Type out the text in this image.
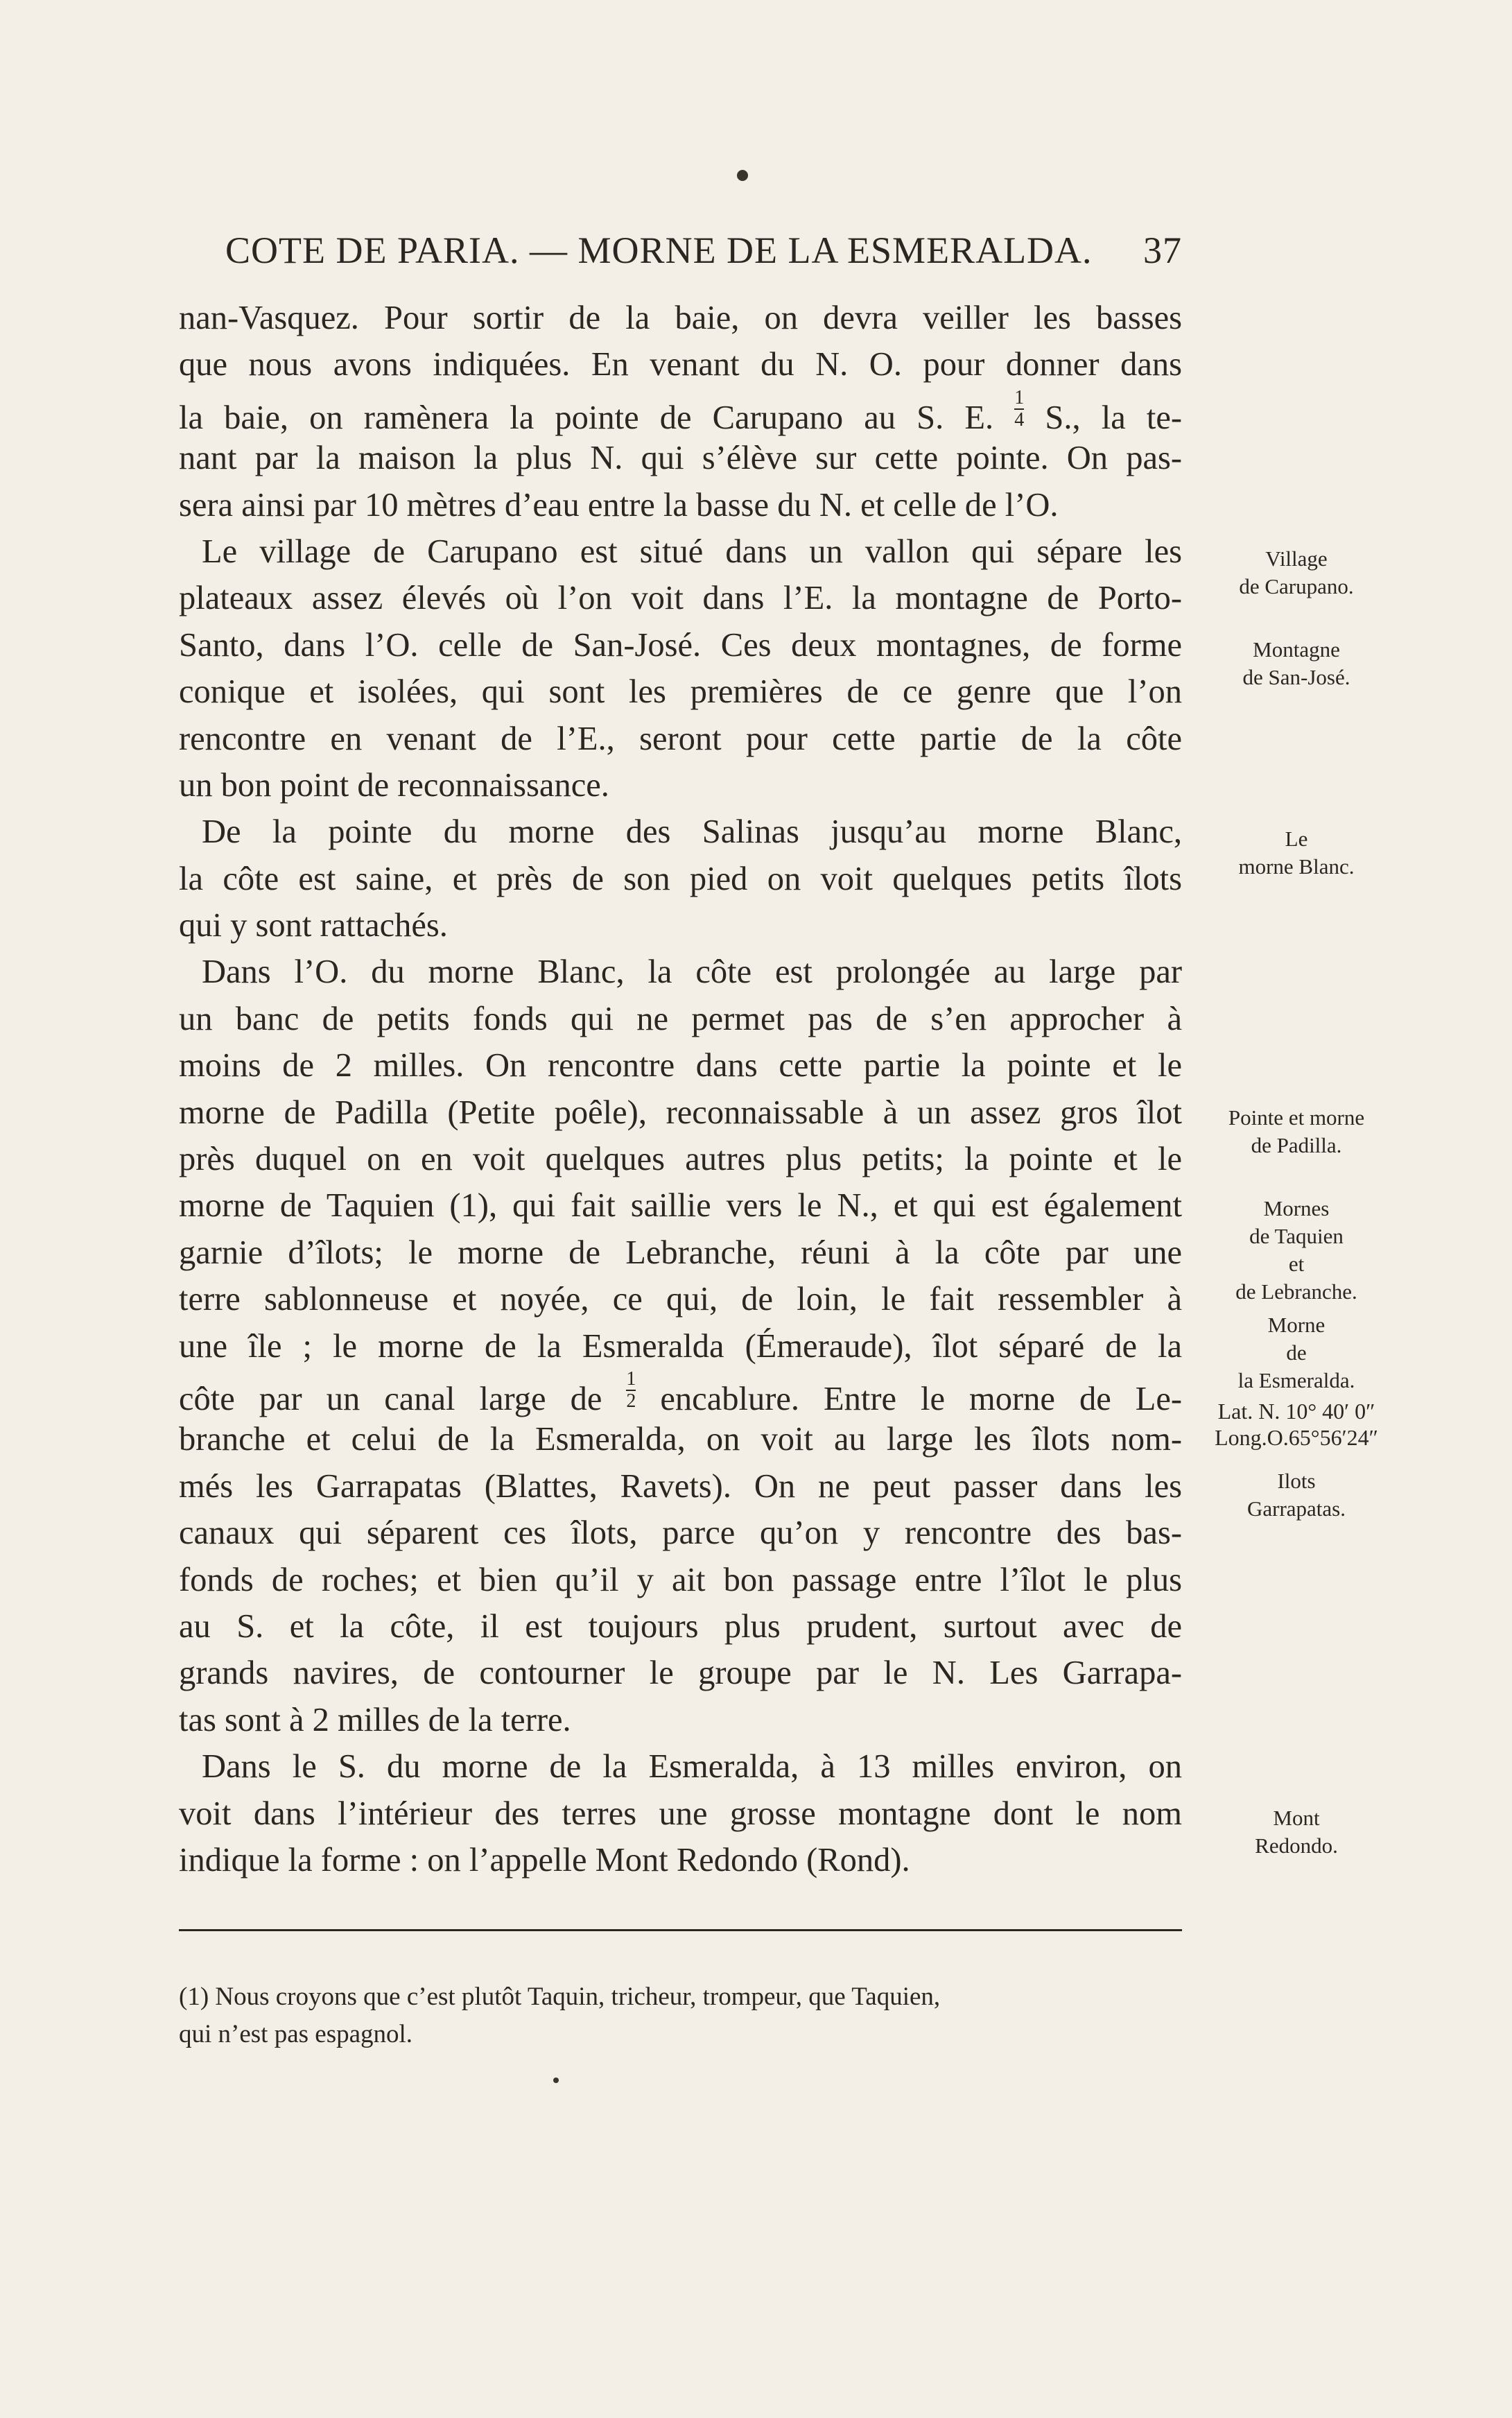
COTE DE PARIA. — MORNE DE LA ESMERALDA. 37
nan-Vasquez. Pour sortir de la baie, on devra veiller les basses
que nous avons indiquées. En venant du N. O. pour donner dans
la baie, on ramènera la pointe de Carupano au S. E. $\frac{1}{4} S$., la te-
nant par la maison la plus N. qui s’élève sur cette pointe. On pas-
sera ainsi par 10 mètres d’eau entre la basse du N. et celle de l’O.
Le village de Carupano est situé dans un vallon qui sépare les
plateaux assez élevés où l’on voit dans l’E. la montagne de Porto-
Santo, dans l’O. celle de San-José. Ces deux montagnes, de forme
conique et isolées, qui sont les premières de ce genre que l’on
rencontre en venant de l’E., seront pour cette partie de la côte
un bon point de reconnaissance.
De la pointe du morne des Salinas jusqu’au morne Blanc,
la côte est saine, et près de son pied on voit quelques petits îlots
qui y sont rattachés.
Dans l’O. du morne Blanc, la côte est prolongée au large par
un banc de petits fonds qui ne permet pas de s’en approcher à
moins de 2 milles. On rencontre dans cette partie la pointe et le
morne de Padilla (Petite poêle), reconnaissable à un assez gros îlot
près duquel on en voit quelques autres plus petits; la pointe et le
morne de Taquien (1), qui fait saillie vers le N., et qui est également
garnie d’îlots; le morne de Lebranche, réuni à la côte par une
terre sablonneuse et noyée, ce qui, de loin, le fait ressembler à
une île ; le morne de la Esmeralda (Émeraude), îlot séparé de la
côte par un canal large de $\frac{1}{2}$ encablure. Entre le morne de Le-
branche et celui de la Esmeralda, on voit au large les îlots nom-
més les Garrapatas (Blattes, Ravets). On ne peut passer dans les
canaux qui séparent ces îlots, parce qu’on y rencontre des bas-
fonds de roches; et bien qu’il y ait bon passage entre l’îlot le plus
au S. et la côte, il est toujours plus prudent, surtout avec de
grands navires, de contourner le groupe par le N. Les Garrapa-
tas sont à 2 milles de la terre.
Dans le S. du morne de la Esmeralda, à 13 milles environ, on
voit dans l’intérieur des terres une grosse montagne dont le nom
indique la forme : on l’appelle Mont Redondo (Rond).
(1) Nous croyons que c’est plutôt Taquin, tricheur, trompeur, que Taquien,
qui n’est pas espagnol.
Village
de Carupano.
Montagne
de San-José.
Le
morne Blanc.
Pointe et morne
de Padilla.
Mornes
de Taquien
et
de Lebranche.
Morne
de
la Esmeralda.
Lat. N. 10° 40′ 0″
Long.O.65°56′24″
Ilots
Garrapatas.
Mont
Redondo.
